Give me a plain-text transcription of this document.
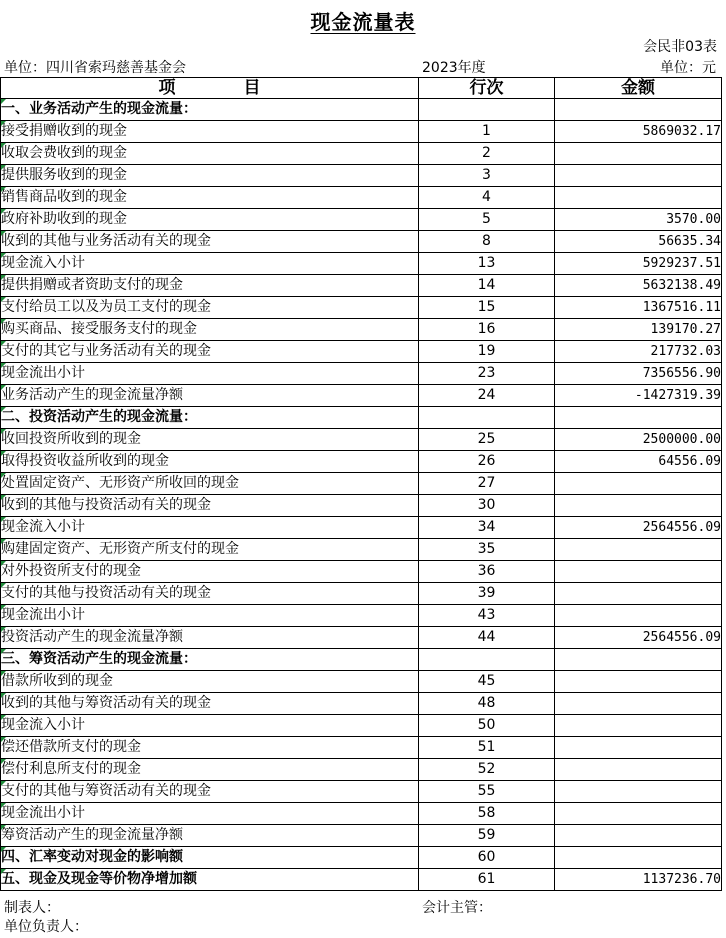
现金流量表
会民非03表
单位：四川省索玛慈善基金会	2023年度	单位：元
项　　　　目	行次	金额
一、业务活动产生的现金流量：		
接受捐赠收到的现金	1	5869032.17
收取会费收到的现金	2	
提供服务收到的现金	3	
销售商品收到的现金	4	
政府补助收到的现金	5	3570.00
收到的其他与业务活动有关的现金	8	56635.34
现金流入小计	13	5929237.51
提供捐赠或者资助支付的现金	14	5632138.49
支付给员工以及为员工支付的现金	15	1367516.11
购买商品、接受服务支付的现金	16	139170.27
支付的其它与业务活动有关的现金	19	217732.03
现金流出小计	23	7356556.90
业务活动产生的现金流量净额	24	-1427319.39
二、投资活动产生的现金流量：		
收回投资所收到的现金	25	2500000.00
取得投资收益所收到的现金	26	64556.09
处置固定资产、无形资产所收回的现金	27	
收到的其他与投资活动有关的现金	30	
现金流入小计	34	2564556.09
购建固定资产、无形资产所支付的现金	35	
对外投资所支付的现金	36	
支付的其他与投资活动有关的现金	39	
现金流出小计	43	
投资活动产生的现金流量净额	44	2564556.09
三、筹资活动产生的现金流量：		
借款所收到的现金	45	
收到的其他与筹资活动有关的现金	48	
现金流入小计	50	
偿还借款所支付的现金	51	
偿付利息所支付的现金	52	
支付的其他与筹资活动有关的现金	55	
现金流出小计	58	
筹资活动产生的现金流量净额	59	
四、汇率变动对现金的影响额	60	
五、现金及现金等价物净增加额	61	1137236.70
制表人：	会计主管：
单位负责人：
